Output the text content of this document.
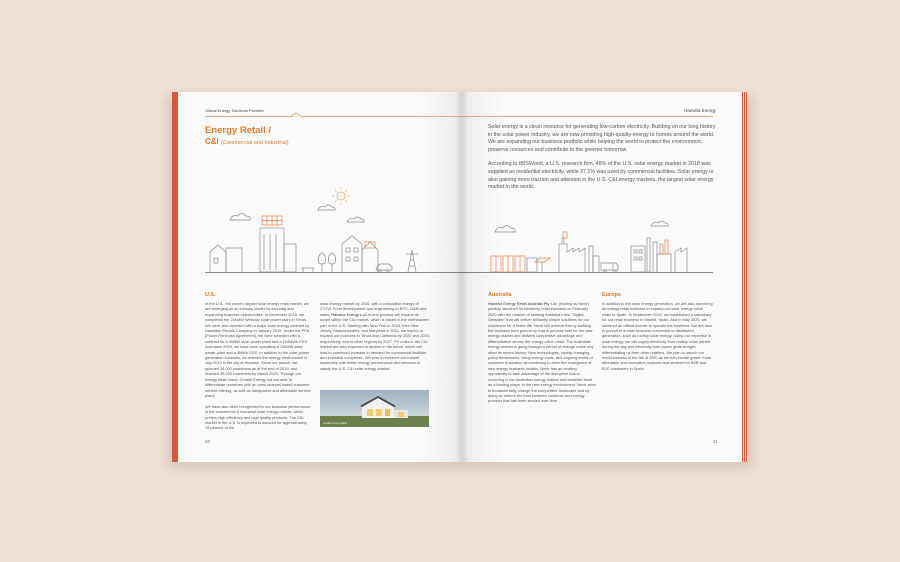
Global Energy Solutions Provider
Energy Retail /
C&I (Commercial and Industrial)
U.S.

In the U.S., the world's largest solar energy retail market, we are emerging as an industry leader by securing and expanding business opportunities. In December 2018, we completed the 230MW Webway solar power plant in Texas. We were also awarded with a major solar energy contract by Hawaiian Electric Company in January 2019. Under the PPA (Power Purchase Agreement), we were awarded with a contract for a 40MW solar power plant and a 104MWh ESS. And since 2019, we have been operating a 134MW solar power plant and a 4MWh ESS. In addition to the solar power generation business, we entered the energy retail market in July 2019 in the city of Houston. Since our launch, we accrued 18,000 customers as of the end of 2019, and reached 35,000 customers by March 2020. Through our energy retail brand, Chariot Energy, we are able to differentiate ourselves with an omni-channel based customer service offering, as well as transparent and affordable service plans.

We have also been recognized for our business performance in the commercial & industrial solar energy market, which prefers high efficiency and high quality products. The C&I market in the U.S. is expected to account for approximately 15 percent of the

solar energy market by 2030, with a cumulative energy of 27GW. From development and engineering to EPC, O&M and sales, Hanwha Energy's all-in-one process will expand its scope within the C&I market, which is based in the northeastern part of the U.S. Starting with New York in 2019, then New Jersey, Massachusetts, and Maryland in 2021, we expect to expand our business to Texas and California by 2022 and 2023, respectively, and to other regions by 2027. PV costs in the C&I market are also expected to decline in the future, which will lead to continued increase in demand for commercial facilities and industrial complexes. We plan to enhance our market leadership with better energy performance and services to satisfy the U.S. C&I solar energy market.

A solar home system
20
Hanwha Energy

Solar energy is a clean resource for generating low-carbon electricity. Building on our long history in the solar power industry, we are now providing high-quality energy to homes around the world. We are expanding our business portfolio while helping the world to protect the environment, preserve resources and contribute to the greener tomorrow.

According to IBISWorld, a U.S. research firm, 46% of the U.S. solar energy market in 2018 was supplied as residential electricity, while 37.1% was used by commercial facilities. Solar energy is also gaining more traction and attention in the U.S. C&I energy markets, the largest solar energy market in the world.

Australia

Hanwha Energy Retail Australia Pty. Ltd. (trading as Nectr) publicly launched its electricity retail business on February 2020 with the mission of building Australia's first "Digital Gentailer" that will deliver brilliantly simple solutions for our customers for a better life. Nectr will achieve this by building the business from ground up that is purpose built for the new energy market and delivers competitive advantage and differentiation across the energy value chain. The Australian energy market is going through a period of change unlike any other its recent history. New technologies, rapidly changing policy frameworks, rising energy costs, and ongoing levels of customer frustration all combining to drive the emergence of new energy business models. Nectr has an exciting opportunity to take advantage of the disruption that is occurring in the Australian energy market and establish itself as a leading player in the new energy environment. Nectr aims to fundamentally change the competitive landscape and by doing so restore the trust between customer and energy provider that has been eroded over time.

Europe

In addition to the solar energy generation, we are also launching an energy retail business to expand our solar energy value chain in Spain. In September 2019, we established a subsidiary for our retail business in Madrid, Spain. And in May 2020, we obtained an official license to operate the business. We are also in pursuit of a retail business connected to distributed generation, such as rooftop solar energy. Using our expertise in solar energy, we will supply electricity from rooftop solar panels during the day and electricity from power grids at night, differentiating us from other retailers. We plan to launch our retail business in the fall of 2020 as we will provide green, more affordable and innovative products and services for B2B and B2C customers in Spain.

21
